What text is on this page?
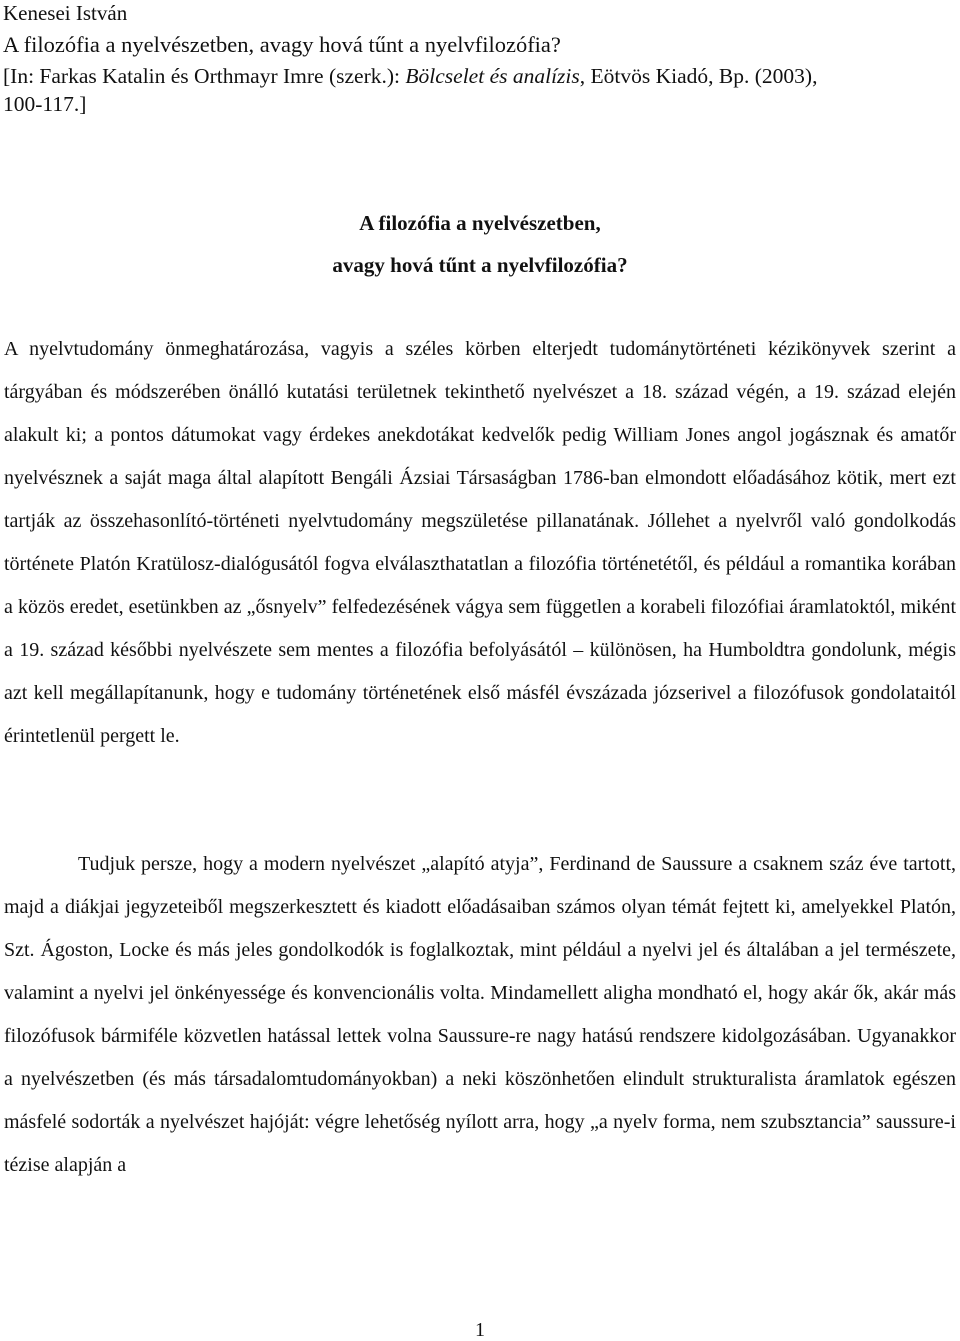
Kenesei István
A filozófia a nyelvészetben, avagy hová tűnt a nyelvfilozófia?
[In: Farkas Katalin és Orthmayr Imre (szerk.): Bölcselet és analízis, Eötvös Kiadó, Bp. (2003),
100-117.]
A filozófia a nyelvészetben,
avagy hová tűnt a nyelvfilozófia?

A nyelvtudomány önmeghatározása, vagyis a széles körben elterjedt tudománytörténeti kézikönyvek szerint a tárgyában és módszerében önálló kutatási területnek tekinthető nyelvészet a 18. század végén, a 19. század elején alakult ki; a pontos dátumokat vagy érdekes anekdotákat kedvelők pedig William Jones angol jogásznak és amatőr nyelvésznek a saját maga által alapított Bengáli Ázsiai Társaságban 1786-ban elmondott előadásához kötik, mert ezt tartják az összehasonlító-történeti nyelvtudomány megszületése pillanatának. Jóllehet a nyelvről való gondolkodás története Platón Kratülosz-dialógusától fogva elválaszthatatlan a filozófia történetétől, és például a romantika korában a közös eredet, esetünkben az „ősnyelv” felfedezésének vágya sem független a korabeli filozófiai áramlatoktól, miként a 19. század későbbi nyelvészete sem mentes a filozófia befolyásától – különösen, ha Humboldtra gondolunk, mégis azt kell megállapítanunk, hogy e tudomány történetének első másfél évszázada józserivel a filozófusok gondolataitól érintetlenül pergett le.

Tudjuk persze, hogy a modern nyelvészet „alapító atyja”, Ferdinand de Saussure a csaknem száz éve tartott, majd a diákjai jegyzeteiből megszerkesztett és kiadott előadásaiban számos olyan témát fejtett ki, amelyekkel Platón, Szt. Ágoston, Locke és más jeles gondolkodók is foglalkoztak, mint például a nyelvi jel és általában a jel természete, valamint a nyelvi jel önkényessége és konvencionális volta. Mindamellett aligha mondható el, hogy akár ők, akár más filozófusok bármiféle közvetlen hatással lettek volna Saussure-re nagy hatású rendszere kidolgozásában. Ugyanakkor a nyelvészetben (és más társadalomtudományokban) a neki köszönhetően elindult strukturalista áramlatok egészen másfelé sodorták a nyelvészet hajóját: végre lehetőség nyílott arra, hogy „a nyelv forma, nem szubsztancia” saussure-i tézise alapján a

1
